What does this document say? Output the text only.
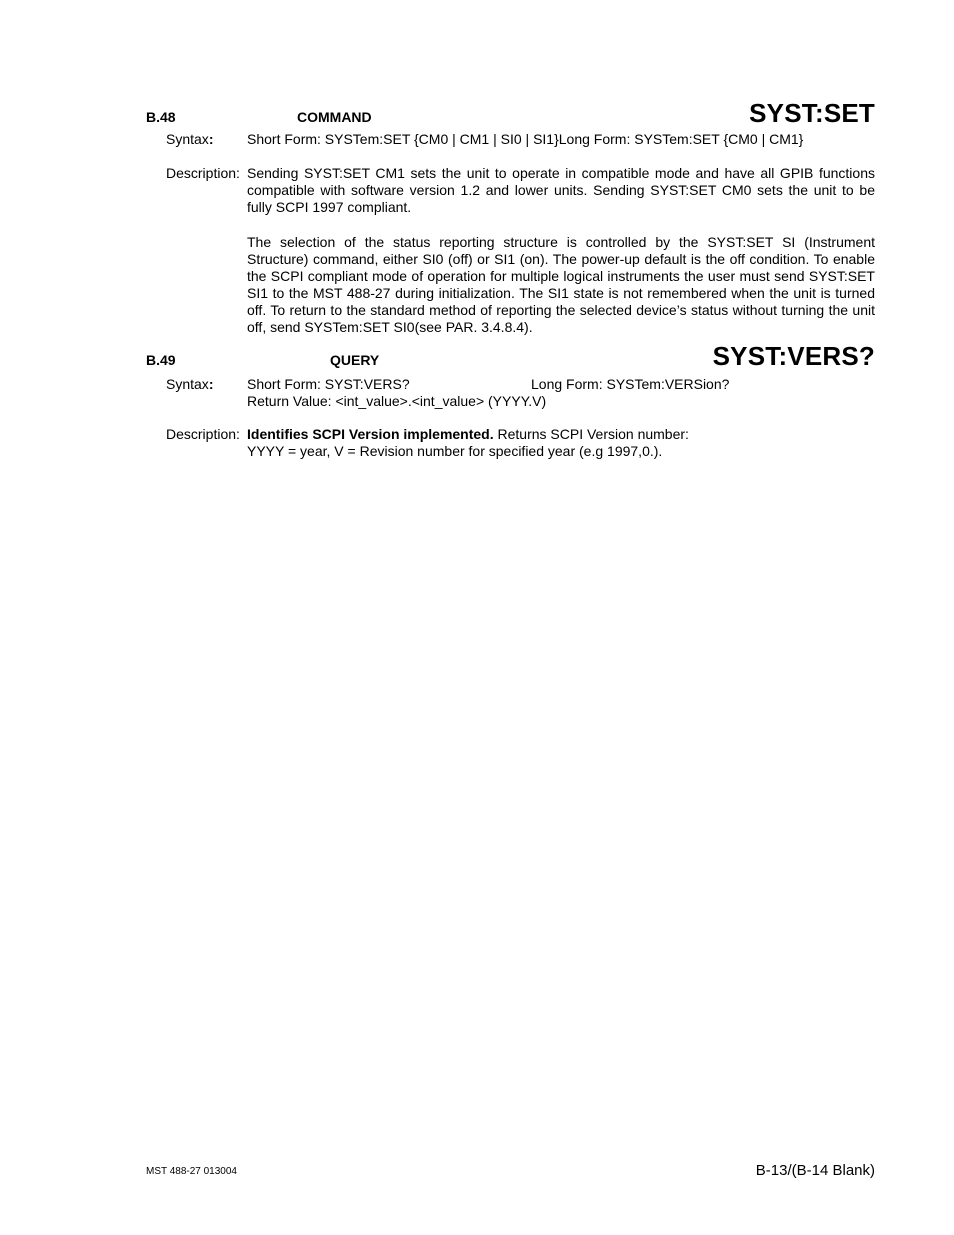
B.48	COMMAND	SYST:SET
Syntax: Short Form: SYSTem:SET {CM0 | CM1 | SI0 | SI1}Long Form: SYSTem:SET {CM0 | CM1}
Description: Sending SYST:SET CM1 sets the unit to operate in compatible mode and have all GPIB functions compatible with software version 1.2 and lower units. Sending SYST:SET CM0 sets the unit to be fully SCPI 1997 compliant.
The selection of the status reporting structure is controlled by the SYST:SET SI (Instrument Structure) command, either SI0 (off) or SI1 (on). The power-up default is the off condition. To enable the SCPI compliant mode of operation for multiple logical instruments the user must send SYST:SET SI1 to the MST 488-27 during initialization. The SI1 state is not remembered when the unit is turned off. To return to the standard method of reporting the selected device’s status without turning the unit off, send SYSTem:SET SI0(see PAR. 3.4.8.4).
B.49	QUERY	SYST:VERS?
Syntax: Short Form: SYST:VERS?	Long Form: SYSTem:VERSion?
Return Value: <int_value>.<int_value> (YYYY.V)
Description: Identifies SCPI Version implemented. Returns SCPI Version number:
YYYY = year, V = Revision number for specified year (e.g 1997,0.).
MST 488-27 013004	B-13/(B-14 Blank)
